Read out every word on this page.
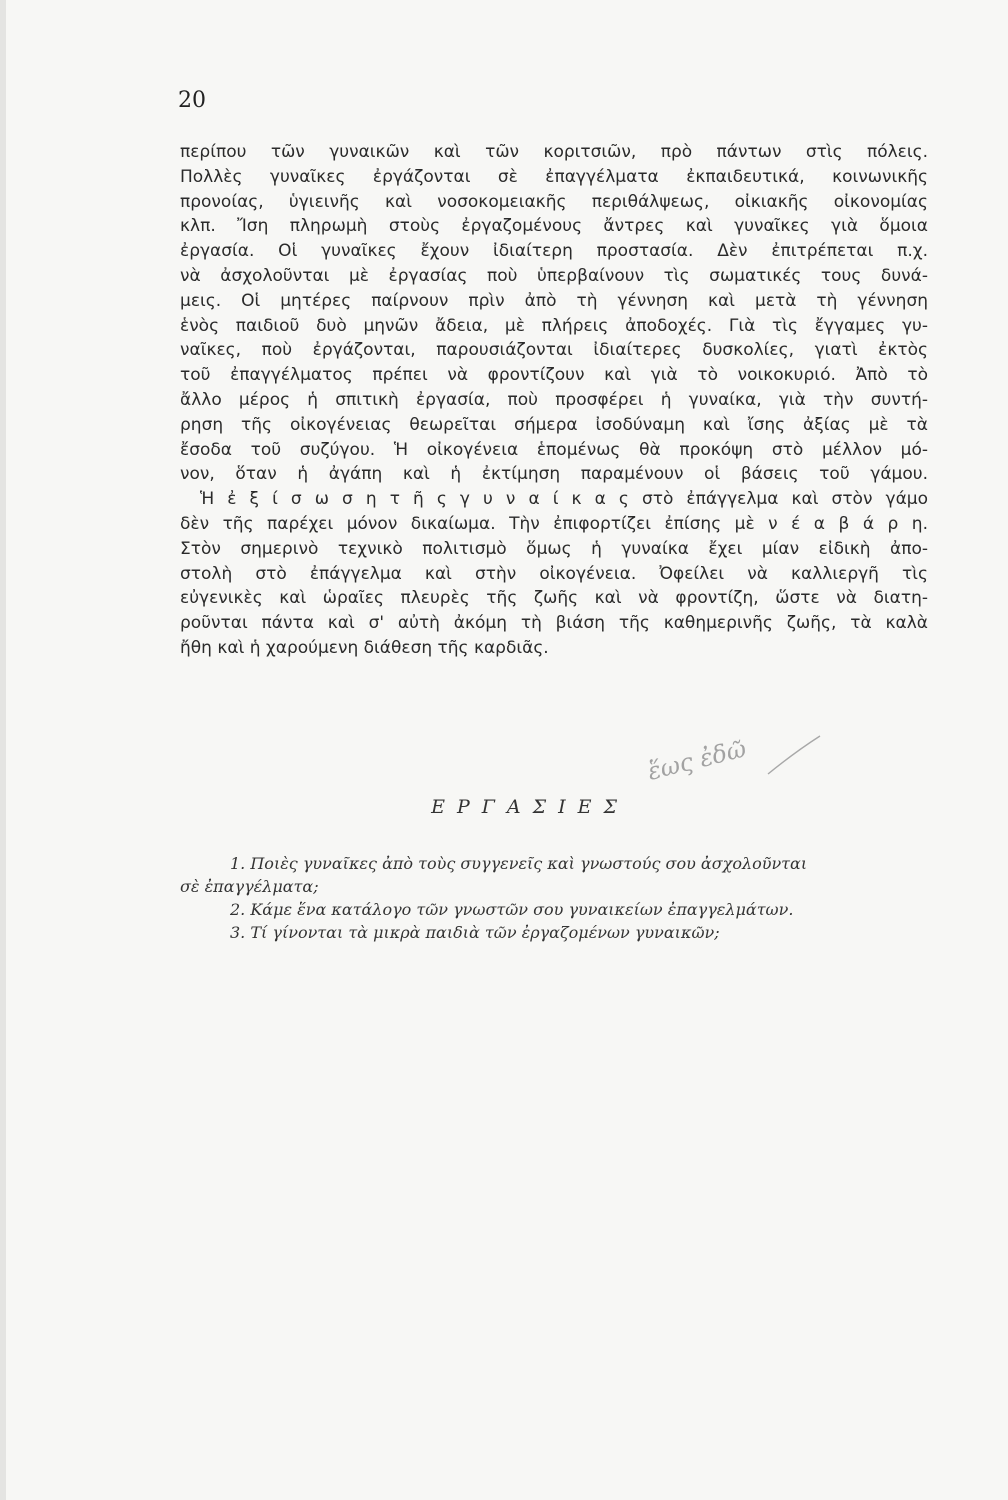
20
περίπου τῶν γυναικῶν καὶ τῶν κοριτσιῶν, πρὸ πάντων στὶς πόλεις.
Πολλὲς γυναῖκες ἐργάζονται σὲ ἐπαγγέλματα ἐκπαιδευτικά, κοινωνικῆς
προνοίας, ὑγιεινῆς καὶ νοσοκομειακῆς περιθάλψεως, οἰκιακῆς οἰκονομίας
κλπ. Ἴση πληρωμὴ στοὺς ἐργαζομένους ἄντρες καὶ γυναῖκες γιὰ ὅμοια
ἐργασία. Οἱ γυναῖκες ἔχουν ἰδιαίτερη προστασία. Δὲν ἐπιτρέπεται π.χ.
νὰ ἀσχολοῦνται μὲ ἐργασίας ποὺ ὑπερβαίνουν τὶς σωματικές τους δυνά-
μεις. Οἱ μητέρες παίρνουν πρὶν ἀπὸ τὴ γέννηση καὶ μετὰ τὴ γέννηση
ἑνὸς παιδιοῦ δυὸ μηνῶν ἄδεια, μὲ πλήρεις ἀποδοχές. Γιὰ τὶς ἔγγαμες γυ-
ναῖκες, ποὺ ἐργάζονται, παρουσιάζονται ἰδιαίτερες δυσκολίες, γιατὶ ἐκτὸς
τοῦ ἐπαγγέλματος πρέπει νὰ φροντίζουν καὶ γιὰ τὸ νοικοκυριό. Ἀπὸ τὸ
ἄλλο μέρος ἡ σπιτικὴ ἐργασία, ποὺ προσφέρει ἡ γυναίκα, γιὰ τὴν συντή-
ρηση τῆς οἰκογένειας θεωρεῖται σήμερα ἰσοδύναμη καὶ ἴσης ἀξίας μὲ τὰ
ἔσοδα τοῦ συζύγου. Ἡ οἰκογένεια ἑπομένως θὰ προκόψη στὸ μέλλον μό-
νον, ὅταν ἡ ἀγάπη καὶ ἡ ἐκτίμηση παραμένουν οἱ βάσεις τοῦ γάμου.
Ἡ ἐ ξ ί σ ω σ η τ ῆ ς γ υ ν α ί κ α ς στὸ ἐπάγγελμα καὶ στὸν γάμο
δὲν τῆς παρέχει μόνον δικαίωμα. Τὴν ἐπιφορτίζει ἐπίσης μὲ ν έ α β ά ρ η.
Στὸν σημερινὸ τεχνικὸ πολιτισμὸ ὅμως ἡ γυναίκα ἔχει μίαν εἰδικὴ ἀπο-
στολὴ στὸ ἐπάγγελμα καὶ στὴν οἰκογένεια. Ὀφείλει νὰ καλλιεργῆ τὶς
εὐγενικὲς καὶ ὡραῖες πλευρὲς τῆς ζωῆς καὶ νὰ φροντίζη, ὥστε νὰ διατη-
ροῦνται πάντα καὶ σ' αὐτὴ ἀκόμη τὴ βιάση τῆς καθημερινῆς ζωῆς, τὰ καλὰ
ἤθη καὶ ἡ χαρούμενη διάθεση τῆς καρδιᾶς.
ἕως ἐδῶ
ΕΡΓΑΣΙΕΣ
1. Ποιὲς γυναῖκες ἀπὸ τοὺς συγγενεῖς καὶ γνωστούς σου ἀσχολοῦνται
σὲ ἐπαγγέλματα;
2. Κάμε ἕνα κατάλογο τῶν γνωστῶν σου γυναικείων ἐπαγγελμάτων.
3. Τί γίνονται τὰ μικρὰ παιδιὰ τῶν ἐργαζομένων γυναικῶν;
